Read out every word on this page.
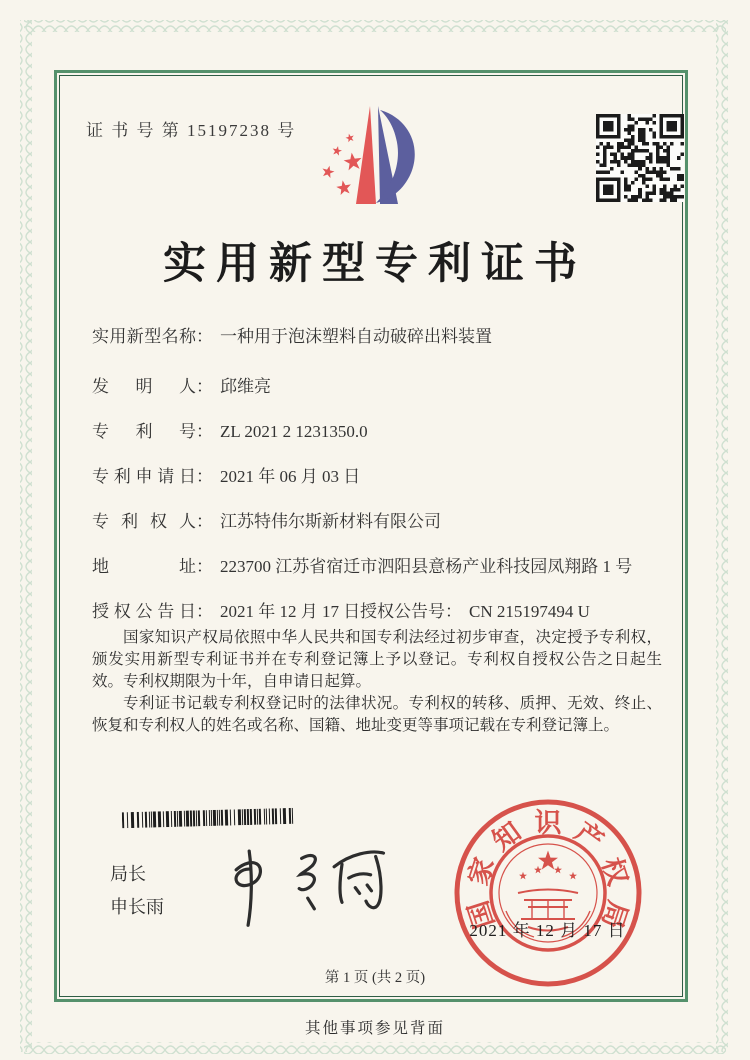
证 书 号 第 15197238 号
实用新型专利证书
实用新型名称： 一种用于泡沫塑料自动破碎出料装置
发明人： 邱维亮
专利号： ZL 2021 2 1231350.0
专利申请日： 2021 年 06 月 03 日
专利权人： 江苏特伟尔斯新材料有限公司
地址： 223700 江苏省宿迁市泗阳县意杨产业科技园凤翔路 1 号
授权公告日： 2021 年 12 月 17 日 授权公告号： CN 215197494 U

国家知识产权局依照中华人民共和国专利法经过初步审查，决定授予专利权，颁发实用新型专利证书并在专利登记簿上予以登记。专利权自授权公告之日起生效。专利权期限为十年，自申请日起算。

专利证书记载专利权登记时的法律状况。专利权的转移、质押、无效、终止、恢复和专利权人的姓名或名称、国籍、地址变更等事项记载在专利登记簿上。

局长
申长雨	国
家
知 识 产
权
局
2021 年 12 月 17 日
第 1 页 (共 2 页)
其他事项参见背面
